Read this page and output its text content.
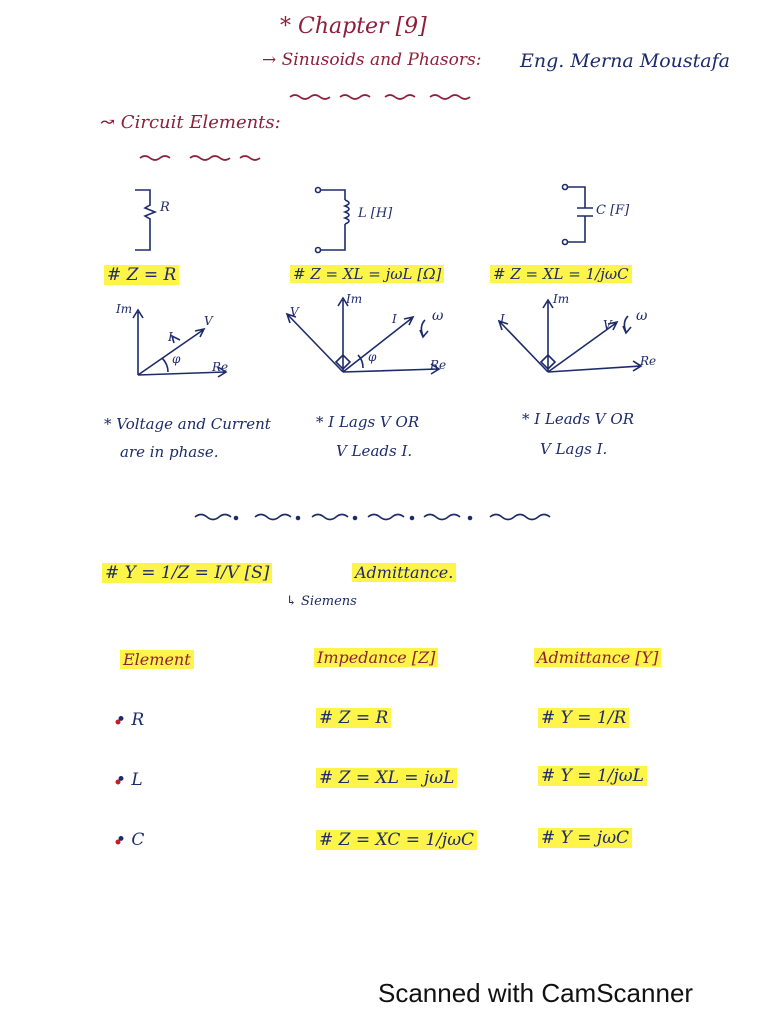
* Chapter [9]
→ Sinusoids and Phasors: Eng. Merna Moustafa
↝ Circuit Elements:
R
# Z = R
Im
Re
I
V
φ
* Voltage and Current
are in phase.
L [H]
# Z = XL = jωL [Ω]
Im
Re
I
V
φ
ω
* I Lags V OR
V Leads I.
C [F]
# Z = XL = 1/jωC
Im
Re
I	V
ω
* I Leads V OR
V Lags I.
# Y = 1/Z = I/V [S]	Admittance.
↳ Siemens
Element	Impedance [Z]	Admittance [Y]
• R	# Z = R	# Y = 1/R
• L	# Z = XL = jωL	# Y = 1/jωL
• C	# Z = XC = 1/jωC	# Y = jωC
Scanned with CamScanner
